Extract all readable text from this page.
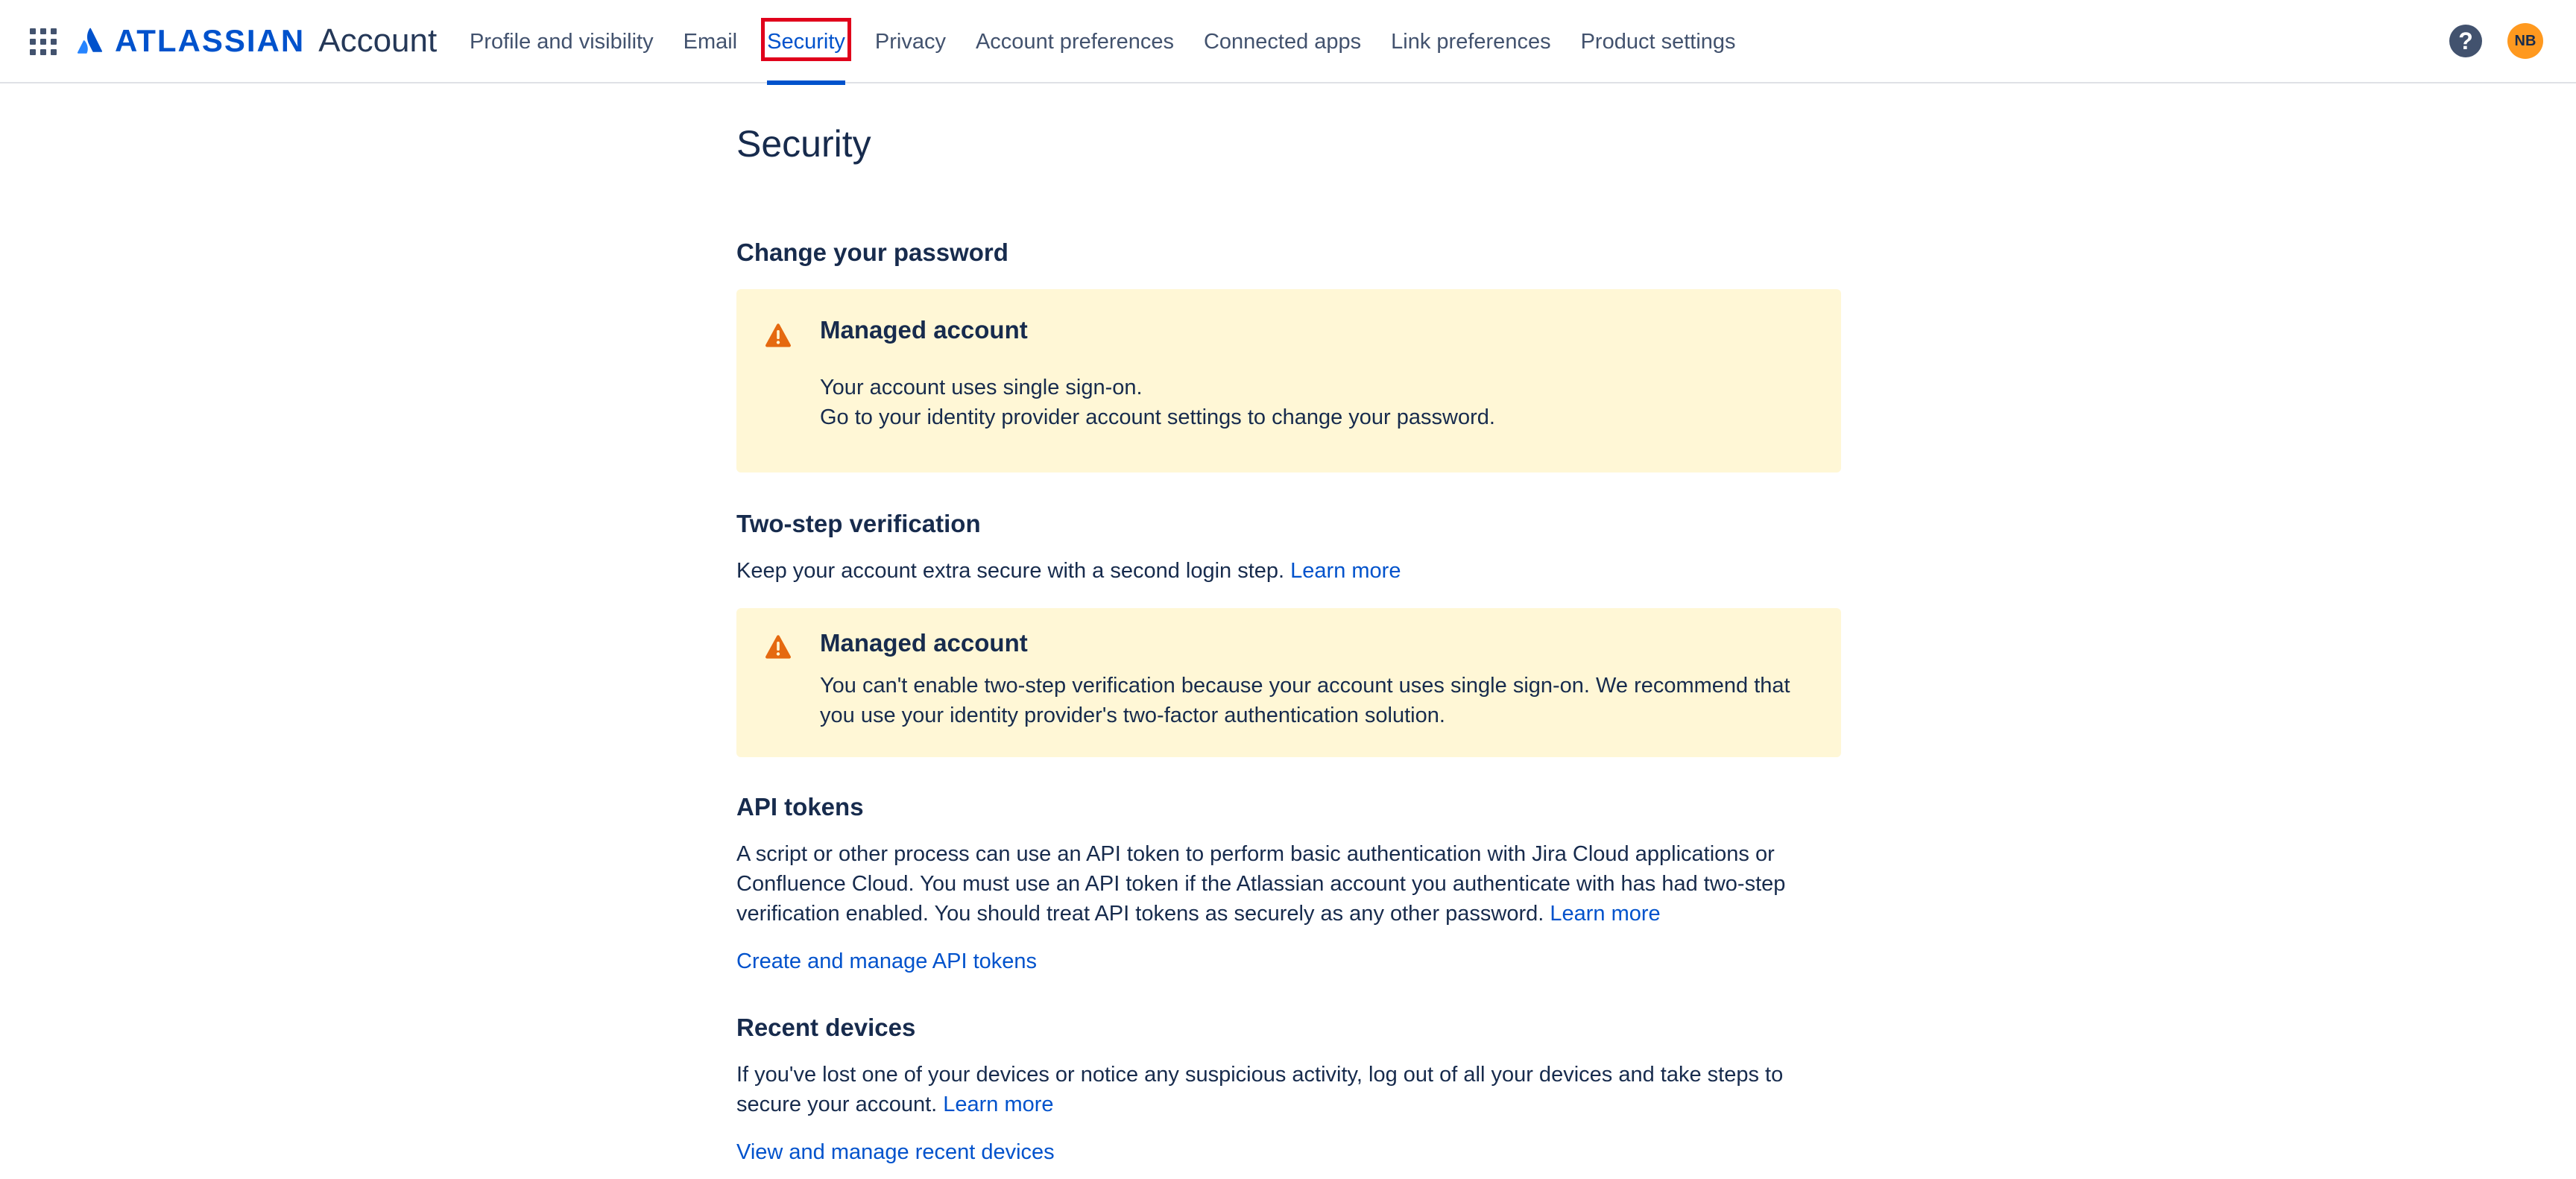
ATLASSIAN Account Profile and visibility Email Security Privacy Account preferences Connected apps Link preferences Product settings	?	NB
Security
Change your password
Managed account
Your account uses single sign-on.
Go to your identity provider account settings to change your password.
Two-step verification

Keep your account extra secure with a second login step. Learn more

Managed account
You can't enable two-step verification because your account uses single sign-on. We recommend that you use your identity provider's two-factor authentication solution.
API tokens

A script or other process can use an API token to perform basic authentication with Jira Cloud applications or Confluence Cloud. You must use an API token if the Atlassian account you authenticate with has had two-step verification enabled. You should treat API tokens as securely as any other password. Learn more

Create and manage API tokens
Recent devices

If you've lost one of your devices or notice any suspicious activity, log out of all your devices and take steps to secure your account. Learn more

View and manage recent devices
